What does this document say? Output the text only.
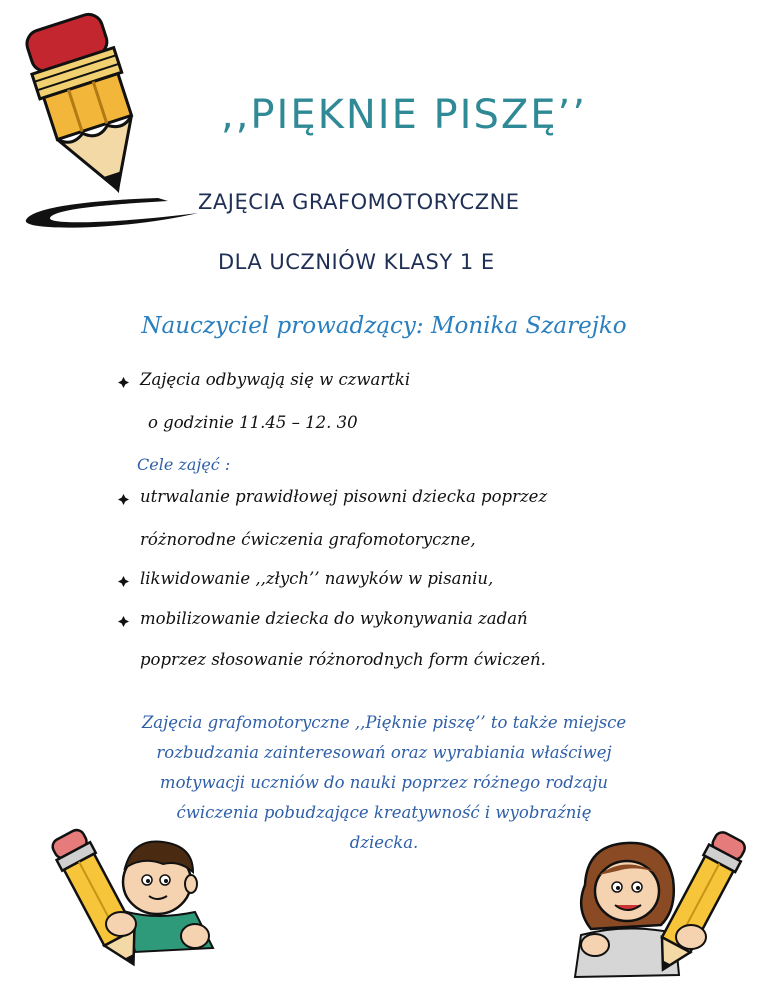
,,PIĘKNIE PISZĘ’’

ZAJĘCIA GRAFOMOTORYCZNE

DLA UCZNIÓW KLASY 1 E

Nauczyciel prowadzący: Monika Szarejko

Zajęcia odbywają się w czwartki

o godzinie 11.45 – 12. 30

Cele zajęć :

utrwalanie prawidłowej pisowni dziecka poprzez

różnorodne ćwiczenia grafomotoryczne,

likwidowanie ,,złych’’ nawyków w pisaniu,

mobilizowanie dziecka do wykonywania zadań

poprzez słosowanie różnorodnych form ćwiczeń.

Zajęcia grafomotoryczne ,,Pięknie piszę’’ to także miejsce
rozbudzania zainteresowań oraz wyrabiania właściwej
motywacji uczniów do nauki poprzez różnego rodzaju
ćwiczenia pobudzające kreatywność i wyobraźnię
dziecka.
